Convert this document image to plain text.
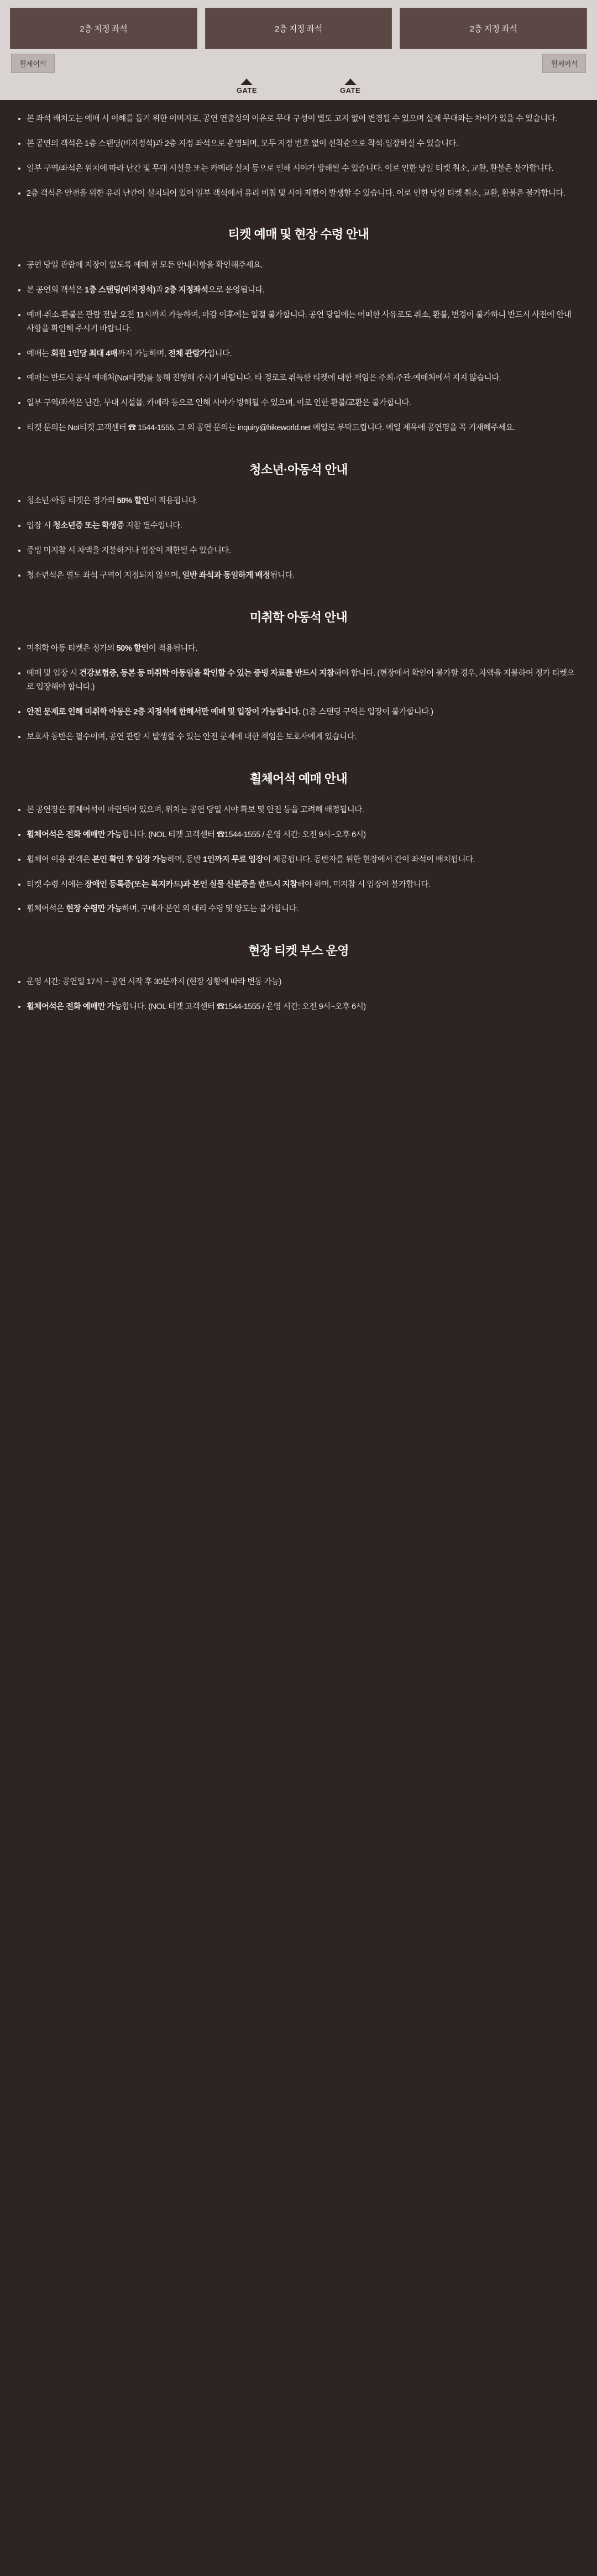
2층 지정 좌석	2층 지정 좌석	2층 지정 좌석
휠체어석	휠체어석
GATE	GATE
본 좌석 배치도는 예매 시 이해를 돕기 위한 이미지로, 공연 연출상의 이유로 무대 구성이 별도 고지 없이 변경될 수 있으며 실제 무대와는 차이가 있을 수 있습니다.
본 공연의 객석은 1층 스탠딩(비지정석)과 2층 지정 좌석으로 운영되며, 모두 지정 번호 없이 선착순으로 착석·입장하실 수 있습니다.
일부 구역/좌석은 위치에 따라 난간 및 무대 시설물 또는 카메라 설치 등으로 인해 시야가 방해될 수 있습니다. 이로 인한 당일 티켓 취소, 교환, 환불은 불가합니다.
2층 객석은 안전을 위한 유리 난간이 설치되어 있어 일부 객석에서 유리 비침 및 시야 제한이 발생할 수 있습니다. 이로 인한 당일 티켓 취소, 교환, 환불은 불가합니다.
티켓 예매 및 현장 수령 안내
공연 당일 관람에 지장이 없도록 예매 전 모든 안내사항을 확인해주세요.
본 공연의 객석은 1층 스탠딩(비지정석)과 2층 지정좌석으로 운영됩니다.
예매·취소·환불은 관람 전날 오전 11시까지 가능하며, 마감 이후에는 일절 불가합니다. 공연 당일에는 어떠한 사유로도 취소, 환불, 변경이 불가하니 반드시 사전에 안내 사항을 확인해 주시기 바랍니다.
예매는 회원 1인당 최대 4매까지 가능하며, 전체 관람가입니다.
예매는 반드시 공식 예매처(NoI티켓)를 통해 진행해 주시기 바랍니다. 타 경로로 취득한 티켓에 대한 책임은 주최·주관·예매처에서 지지 않습니다.
일부 구역/좌석은 난간, 무대 시설물, 카메라 등으로 인해 시야가 방해될 수 있으며, 이로 인한 환불/교환은 불가합니다.
티켓 문의는 NoI티켓 고객센터 ☎ 1544-1555, 그 외 공연 문의는 inquiry@hikeworld.net 메일로 부탁드립니다. 메일 제목에 공연명을 꼭 기재해주세요.
청소년·아동석 안내
청소년·아동 티켓은 정가의 50% 할인이 적용됩니다.
입장 시 청소년증 또는 학생증 지참 필수입니다.
증빙 미지참 시 차액을 지불하거나 입장이 제한될 수 있습니다.
청소년석은 별도 좌석 구역이 지정되지 않으며, 일반 좌석과 동일하게 배정됩니다.
미취학 아동석 안내
미취학 아동 티켓은 정가의 50% 할인이 적용됩니다.
예매 및 입장 시 건강보험증, 등본 등 미취학 아동임을 확인할 수 있는 증빙 자료를 반드시 지참해야 합니다. (현장에서 확인이 불가할 경우, 차액을 지불하여 정가 티켓으로 입장해야 합니다.)
안전 문제로 인해 미취학 아동은 2층 지정석에 한해서만 예매 및 입장이 가능합니다. (1층 스탠딩 구역은 입장이 불가합니다.)
보호자 동반은 필수이며, 공연 관람 시 발생할 수 있는 안전 문제에 대한 책임은 보호자에게 있습니다.
휠체어석 예매 안내
본 공연장은 휠체어석이 마련되어 있으며, 위치는 공연 당일 시야 확보 및 안전 등을 고려해 배정됩니다.
휠체어석은 전화 예매만 가능합니다. (NOL 티켓 고객센터 ☎1544-1555 / 운영 시간: 오전 9시~오후 6시)
휠체어 이용 관객은 본인 확인 후 입장 가능하며, 동반 1인까지 무료 입장이 제공됩니다. 동반자를 위한 현장에서 간이 좌석이 배치됩니다.
티켓 수령 시에는 장애인 등록증(또는 복지카드)과 본인 실물 신분증을 반드시 지참해야 하며, 미지참 시 입장이 불가합니다.
휠체어석은 현장 수령만 가능하며, 구매자 본인 외 대리 수령 및 양도는 불가합니다.
현장 티켓 부스 운영
운영 시간: 공연일 17시 ~ 공연 시작 후 30분까지 (현장 상황에 따라 변동 가능)
휠체어석은 전화 예매만 가능합니다. (NOL 티켓 고객센터 ☎1544-1555 / 운영 시간: 오전 9시~오후 6시)
